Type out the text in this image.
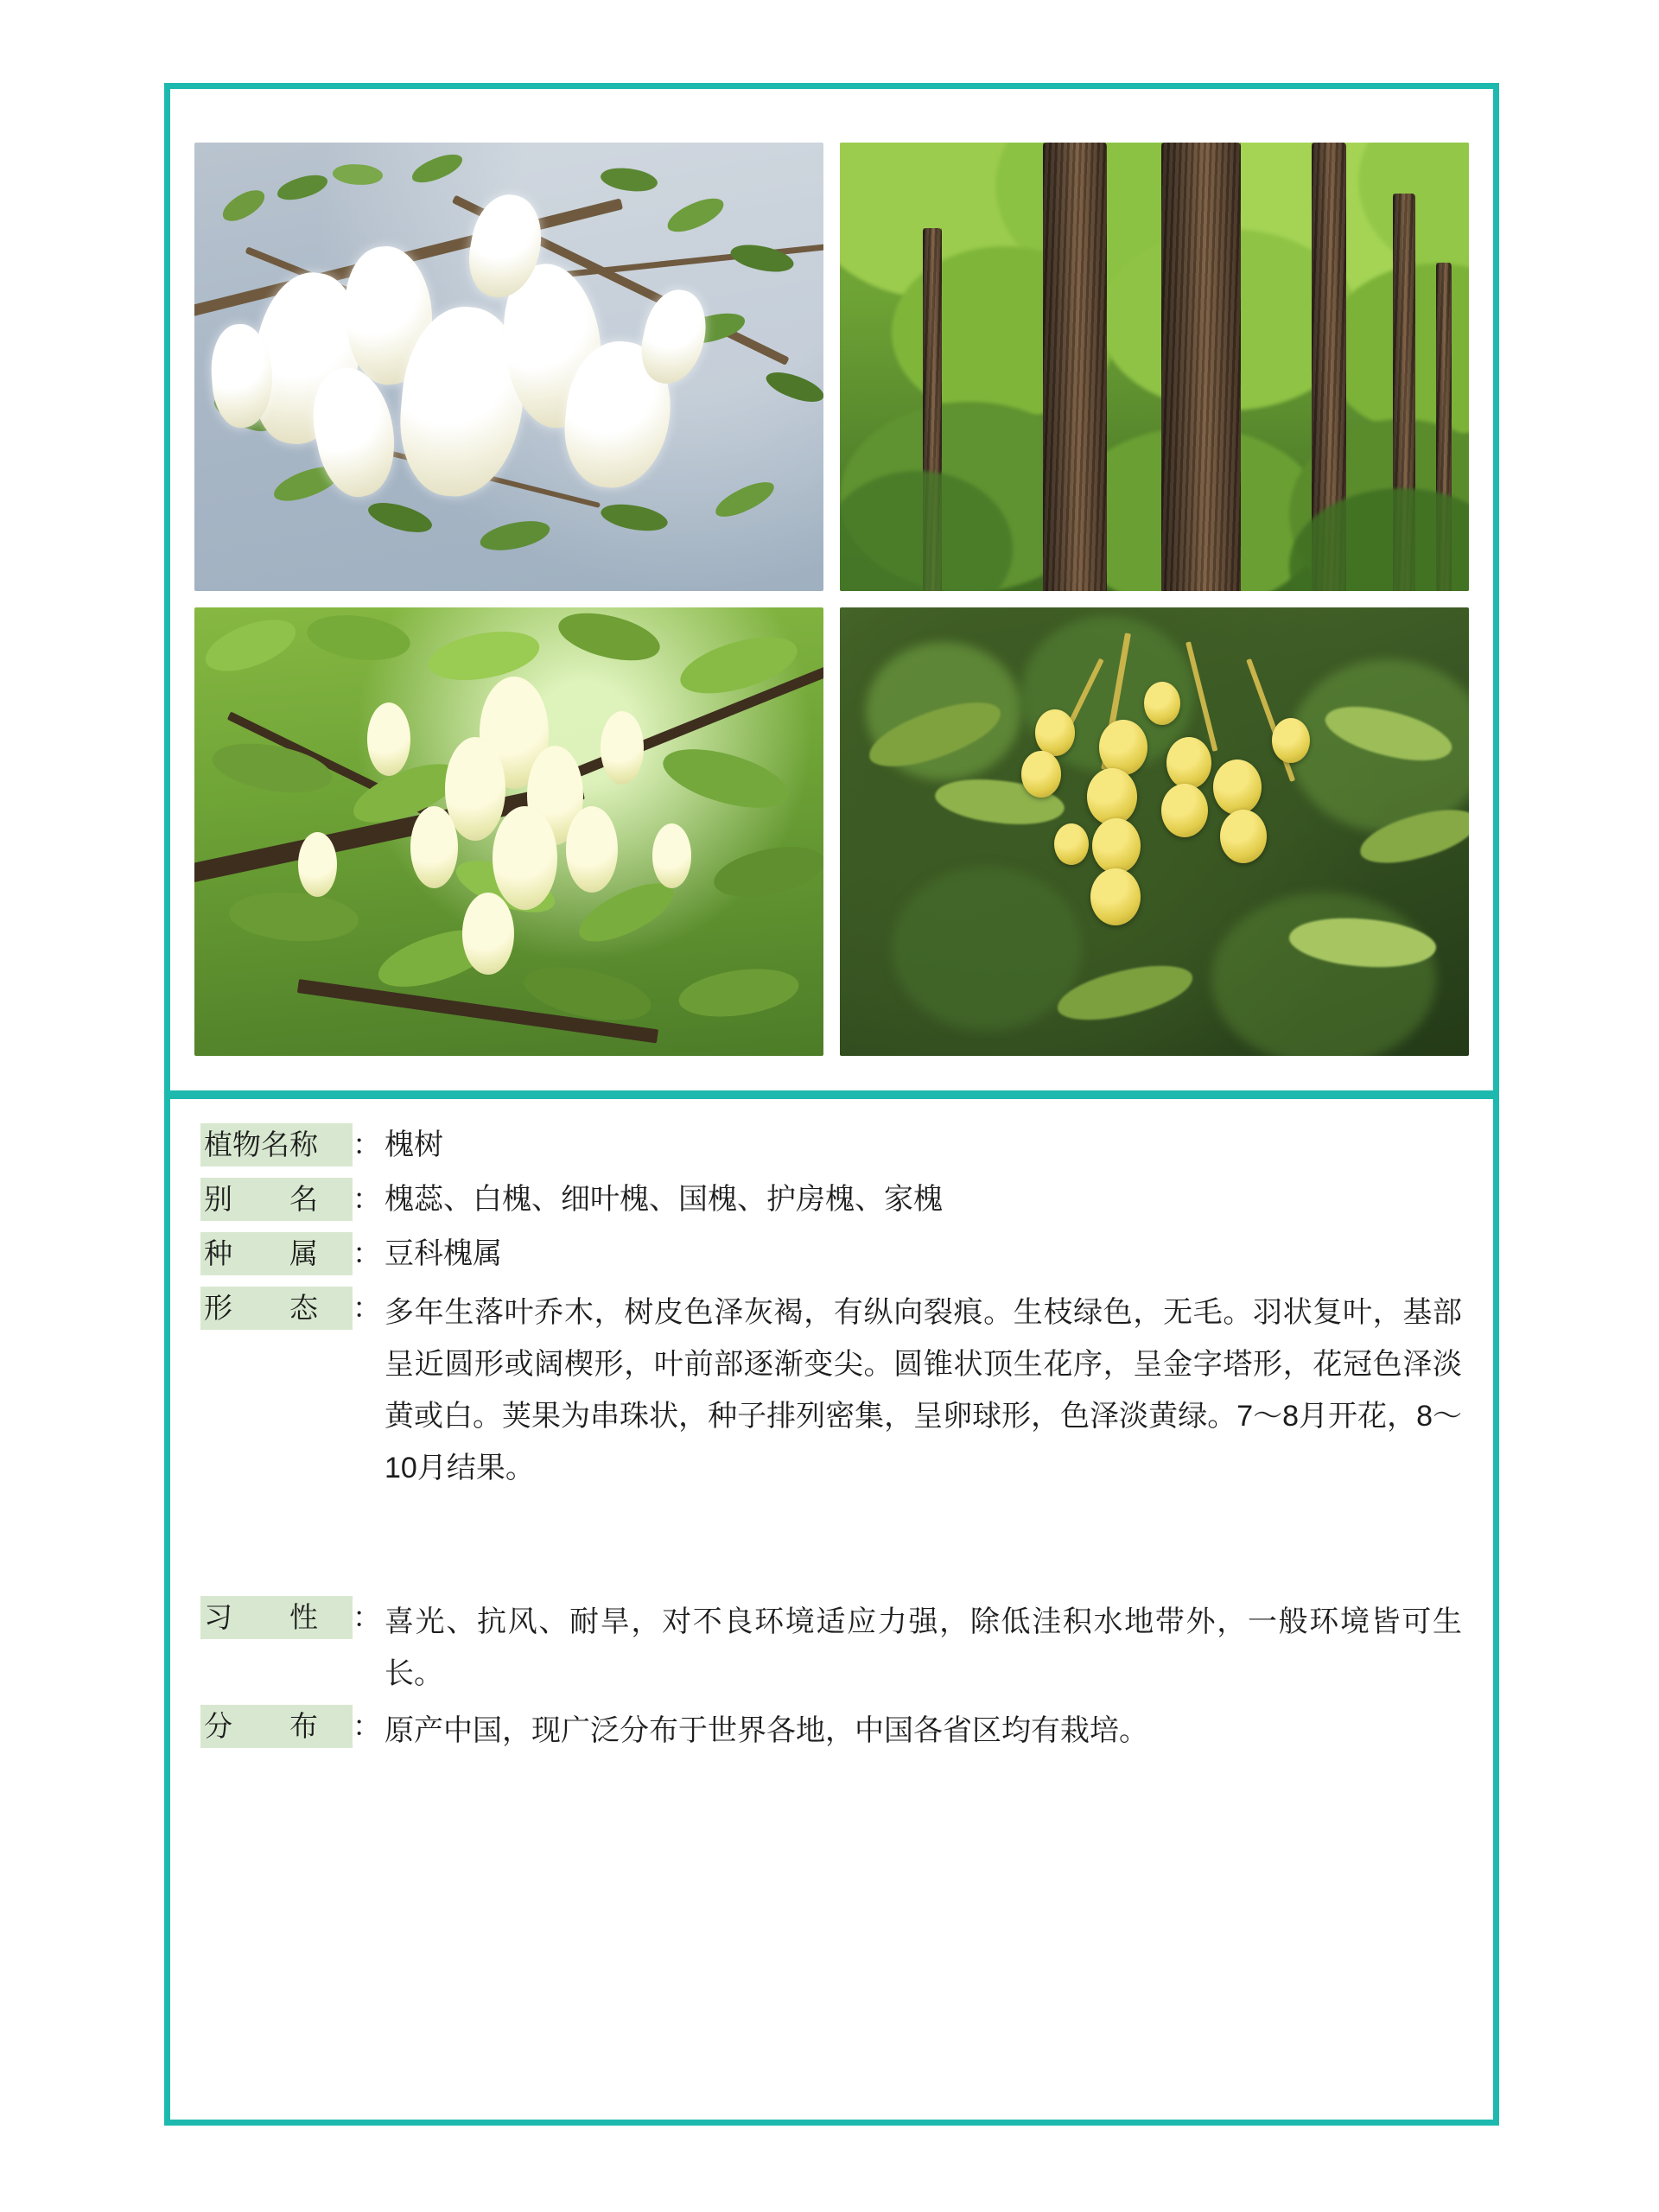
植物名称	： 槐树
别　　名	： 槐蕊、白槐、细叶槐、国槐、护房槐、家槐
种　　属	： 豆科槐属
形　　态	： 多年生落叶乔木，树皮色泽灰褐，有纵向裂痕。生枝绿色，无毛。羽状复叶，基部呈近圆形或阔楔形，叶前部逐渐变尖。圆锥状顶生花序，呈金字塔形，花冠色泽淡黄或白。荚果为串珠状，种子排列密集，呈卵球形，色泽淡黄绿。7〜8月开花，8〜10月结果。
习　　性	： 喜光、抗风、耐旱，对不良环境适应力强，除低洼积水地带外，一般环境皆可生长。
分　　布	： 原产中国，现广泛分布于世界各地，中国各省区均有栽培。
